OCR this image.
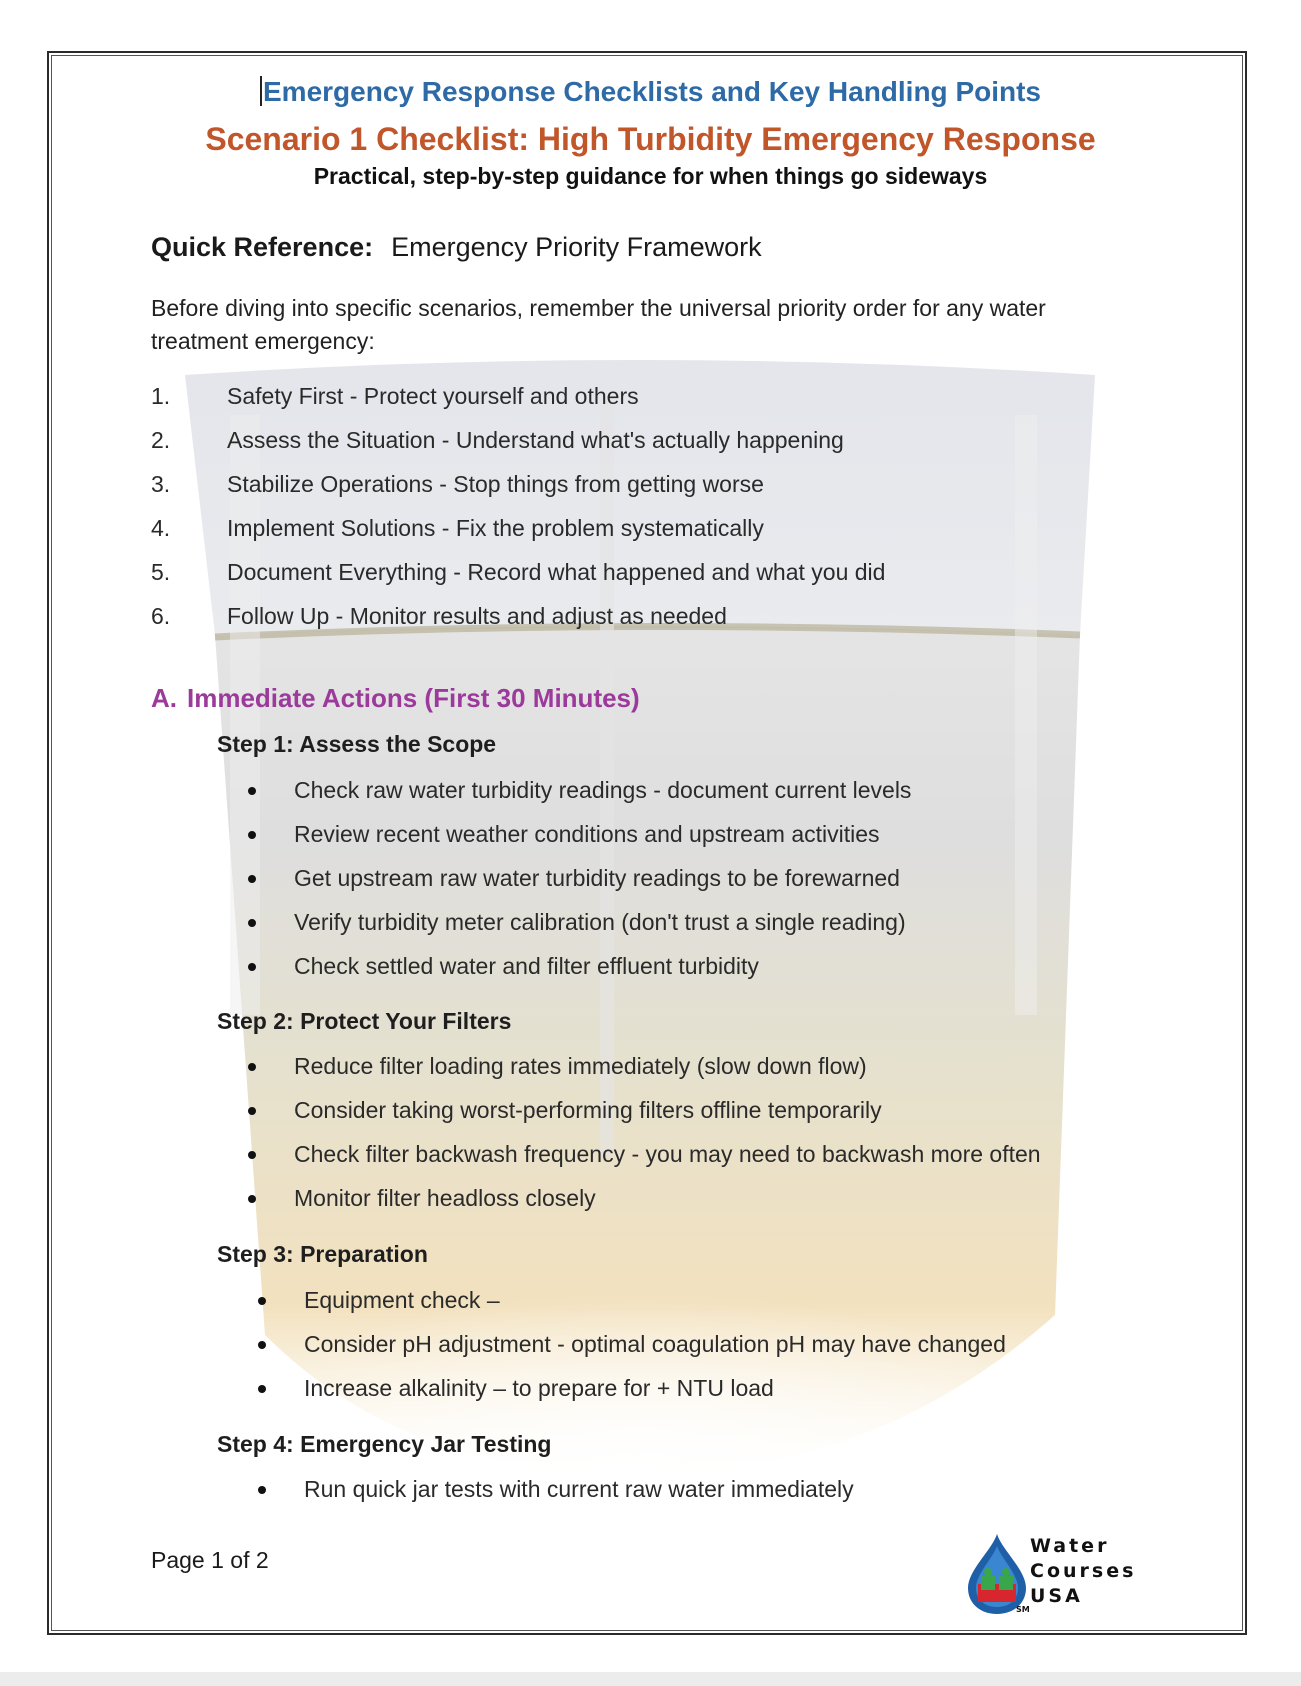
Emergency Response Checklists and Key Handling Points
Scenario 1 Checklist: High Turbidity Emergency Response
Practical, step-by-step guidance for when things go sideways
Quick Reference: Emergency Priority Framework
Before diving into specific scenarios, remember the universal priority order for any water treatment emergency:
1.	Safety First - Protect yourself and others
2.	Assess the Situation - Understand what's actually happening
3.	Stabilize Operations - Stop things from getting worse
4.	Implement Solutions - Fix the problem systematically
5.	Document Everything - Record what happened and what you did
6.	Follow Up - Monitor results and adjust as needed
A. Immediate Actions (First 30 Minutes)
Step 1: Assess the Scope
Check raw water turbidity readings - document current levels
Review recent weather conditions and upstream activities
Get upstream raw water turbidity readings to be forewarned
Verify turbidity meter calibration (don't trust a single reading)
Check settled water and filter effluent turbidity
Step 2: Protect Your Filters
Reduce filter loading rates immediately (slow down flow)
Consider taking worst-performing filters offline temporarily
Check filter backwash frequency - you may need to backwash more often
Monitor filter headloss closely
Step 3: Preparation
Equipment check –
Consider pH adjustment - optimal coagulation pH may have changed
Increase alkalinity – to prepare for + NTU load
Step 4: Emergency Jar Testing
Run quick jar tests with current raw water immediately
Page 1 of 2
Water
Courses
USA
SM
